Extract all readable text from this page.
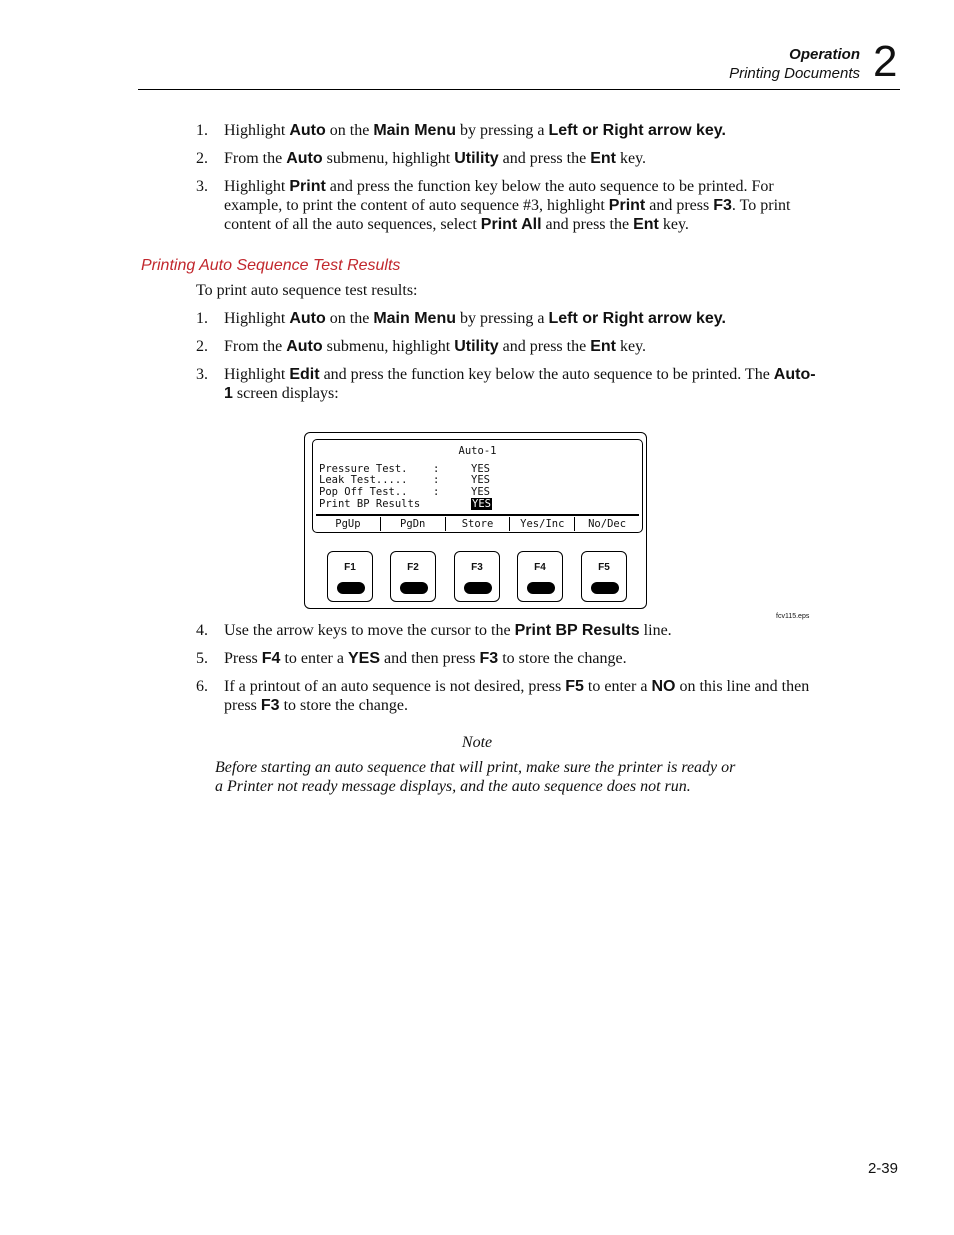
Operation
Printing Documents 2
1. Highlight Auto on the Main Menu by pressing a Left or Right arrow key.
2. From the Auto submenu, highlight Utility and press the Ent key.
3. Highlight Print and press the function key below the auto sequence to be printed. For example, to print the content of auto sequence #3, highlight Print and press F3. To print content of all the auto sequences, select Print All and press the Ent key.
Printing Auto Sequence Test Results
To print auto sequence test results:
1. Highlight Auto on the Main Menu by pressing a Left or Right arrow key.
2. From the Auto submenu, highlight Utility and press the Ent key.
3. Highlight Edit and press the function key below the auto sequence to be printed. The Auto-1 screen displays:
Auto-1
Pressure Test. :	YES
Leak Test..... :	YES
Pop Off Test.. :	YES
Print BP Results	YES
PgUp	PgDn	Store	Yes/Inc	No/Dec
F1	F2	F3	F4	F5
fcv115.eps
4. Use the arrow keys to move the cursor to the Print BP Results line.
5. Press F4 to enter a YES and then press F3 to store the change.
6. If a printout of an auto sequence is not desired, press F5 to enter a NO on this line and then press F3 to store the change.
Note
Before starting an auto sequence that will print, make sure the printer is ready or a Printer not ready message displays, and the auto sequence does not run.
2-39
